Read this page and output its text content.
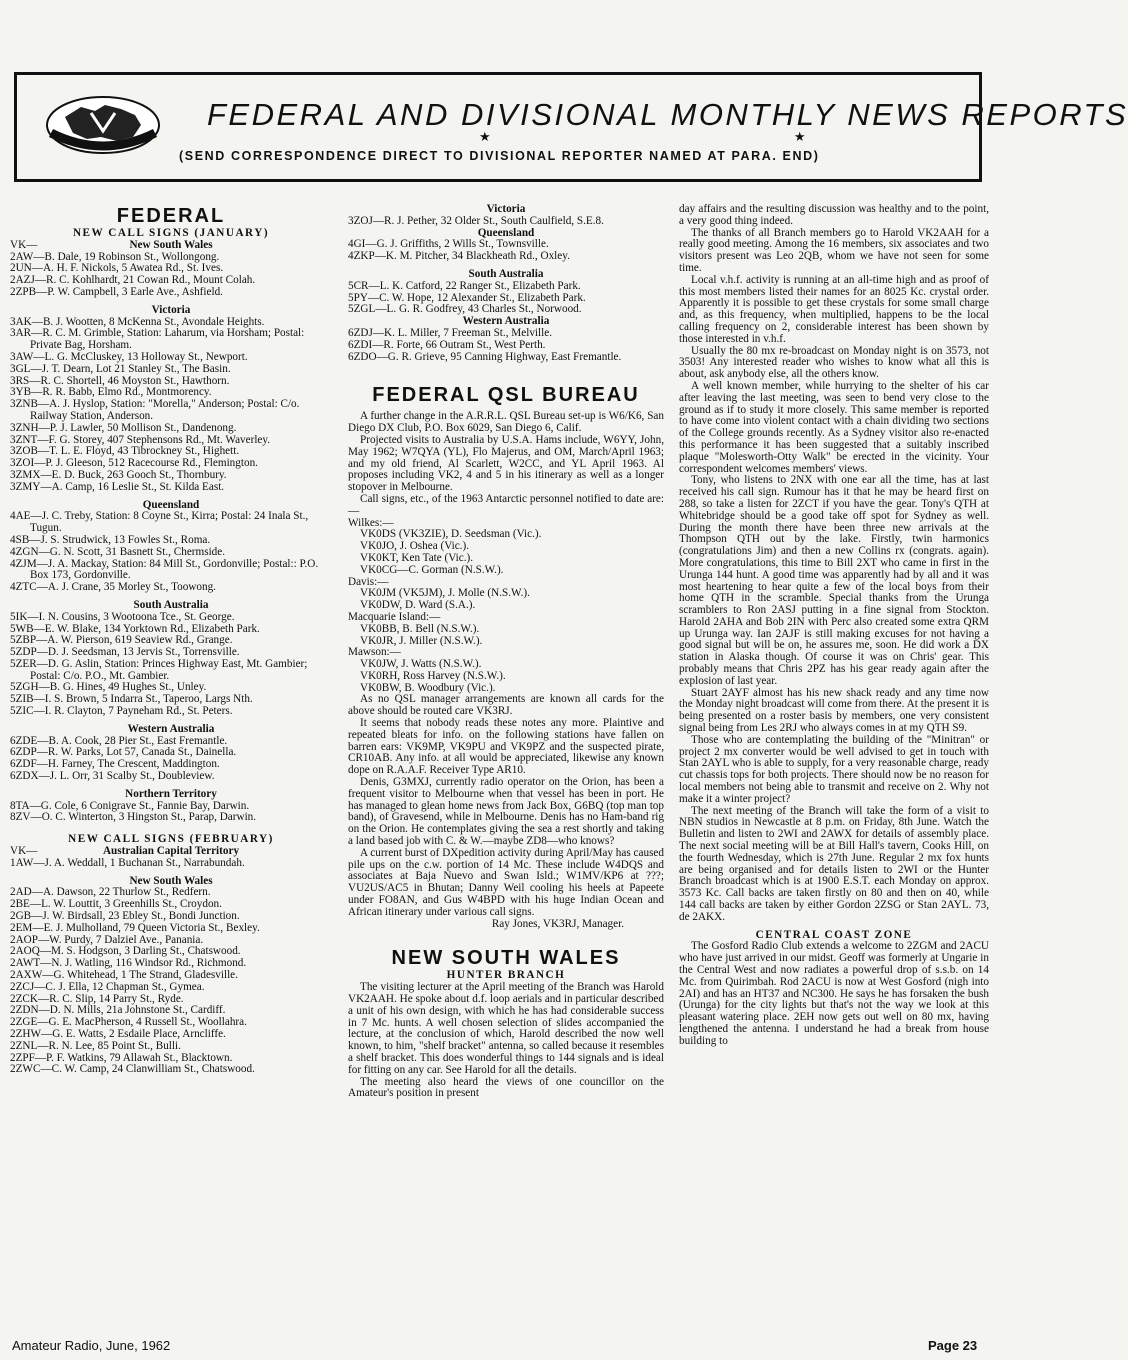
FEDERAL AND DIVISIONAL MONTHLY NEWS REPORTS
★ ★
(SEND CORRESPONDENCE DIRECT TO DIVISIONAL REPORTER NAMED AT PARA. END)
FEDERAL
NEW CALL SIGNS (JANUARY)
VK—	New South Wales
2AW—B. Dale, 19 Robinson St., Wollongong.
2UN—A. H. F. Nickols, 5 Awatea Rd., St. Ives.
2AZJ—R. C. Kohlhardt, 21 Cowan Rd., Mount Colah.
2ZPB—P. W. Campbell, 3 Earle Ave., Ashfield.
Victoria
3AK—B. J. Wootten, 8 McKenna St., Avondale Heights.
3AR—R. C. M. Grimble, Station: Laharum, via Horsham; Postal: Private Bag, Horsham.
3AW—L. G. McCluskey, 13 Holloway St., Newport.
3GL—J. T. Dearn, Lot 21 Stanley St., The Basin.
3RS—R. C. Shortell, 46 Moyston St., Hawthorn.
3YB—R. R. Babb, Elmo Rd., Montmorency.
3ZNB—A. J. Hyslop, Station: "Morella," Anderson; Postal: C/o. Railway Station, Anderson.
3ZNH—P. J. Lawler, 50 Mollison St., Dandenong.
3ZNT—F. G. Storey, 407 Stephensons Rd., Mt. Waverley.
3ZOB—T. L. E. Floyd, 43 Tibrockney St., Highett.
3ZOI—P. J. Gleeson, 512 Racecourse Rd., Flemington.
3ZMX—E. D. Buck, 263 Gooch St., Thornbury.
3ZMY—A. Camp, 16 Leslie St., St. Kilda East.
Queensland
4AE—J. C. Treby, Station: 8 Coyne St., Kirra; Postal: 24 Inala St., Tugun.
4SB—J. S. Strudwick, 13 Fowles St., Roma.
4ZGN—G. N. Scott, 31 Basnett St., Chermside.
4ZJM—J. A. Mackay, Station: 84 Mill St., Gordonville; Postal:: P.O. Box 173, Gordonville.
4ZTC—A. J. Crane, 35 Morley St., Toowong.
South Australia
5IK—I. N. Cousins, 3 Wootoona Tce., St. George.
5WB—E. W. Blake, 134 Yorktown Rd., Elizabeth Park.
5ZBP—A. W. Pierson, 619 Seaview Rd., Grange.
5ZDP—D. J. Seedsman, 13 Jervis St., Torrensville.
5ZER—D. G. Aslin, Station: Princes Highway East, Mt. Gambier; Postal: C/o. P.O., Mt. Gambier.
5ZGH—B. G. Hines, 49 Hughes St., Unley.
5ZIB—I. S. Brown, 5 Indarra St., Taperoo, Largs Nth.
5ZIC—I. R. Clayton, 7 Payneham Rd., St. Peters.
Western Australia
6ZDE—B. A. Cook, 28 Pier St., East Fremantle.
6ZDP—R. W. Parks, Lot 57, Canada St., Dainella.
6ZDF—H. Farney, The Crescent, Maddington.
6ZDX—J. L. Orr, 31 Scalby St., Doubleview.
Northern Territory
8TA—G. Cole, 6 Conigrave St., Fannie Bay, Darwin.
8ZV—O. C. Winterton, 3 Hingston St., Parap, Darwin.
NEW CALL SIGNS (FEBRUARY)
VK—	Australian Capital Territory
1AW—J. A. Weddall, 1 Buchanan St., Narrabundah.
New South Wales
2AD—A. Dawson, 22 Thurlow St., Redfern.
2BE—L. W. Louttit, 3 Greenhills St., Croydon.
2GB—J. W. Birdsall, 23 Ebley St., Bondi Junction.
2EM—E. J. Mulholland, 79 Queen Victoria St., Bexley.
2AOP—W. Purdy, 7 Dalziel Ave., Panania.
2AOQ—M. S. Hodgson, 3 Darling St., Chatswood.
2AWT—N. J. Watling, 116 Windsor Rd., Richmond.
2AXW—G. Whitehead, 1 The Strand, Gladesville.
2ZCJ—C. J. Ella, 12 Chapman St., Gymea.
2ZCK—R. C. Slip, 14 Parry St., Ryde.
2ZDN—D. N. Mills, 21a Johnstone St., Cardiff.
2ZGE—G. E. MacPherson, 4 Russell St., Woollahra.
2ZHW—G. E. Watts, 2 Esdaile Place, Arncliffe.
2ZNL—R. N. Lee, 85 Point St., Bulli.
2ZPF—P. F. Watkins, 79 Allawah St., Blacktown.
2ZWC—C. W. Camp, 24 Clanwilliam St., Chatswood.
Victoria
3ZOJ—R. J. Pether, 32 Older St., South Caulfield, S.E.8.
Queensland
4GI—G. J. Griffiths, 2 Wills St., Townsville.
4ZKP—K. M. Pitcher, 34 Blackheath Rd., Oxley.
South Australia
5CR—L. K. Catford, 22 Ranger St., Elizabeth Park.
5PY—C. W. Hope, 12 Alexander St., Elizabeth Park.
5ZGL—L. G. R. Godfrey, 43 Charles St., Norwood.
Western Australia
6ZDJ—K. L. Miller, 7 Freeman St., Melville.
6ZDI—R. Forte, 66 Outram St., West Perth.
6ZDO—G. R. Grieve, 95 Canning Highway, East Fremantle.
FEDERAL QSL BUREAU
A further change in the A.R.R.L. QSL Bureau set-up is W6/K6, San Diego DX Club, P.O. Box 6029, San Diego 6, Calif.
Projected visits to Australia by U.S.A. Hams include, W6YY, John, May 1962; W7QYA (YL), Flo Majerus, and OM, March/April 1963; and my old friend, Al Scarlett, W2CC, and YL April 1963. Al proposes including VK2, 4 and 5 in his itinerary as well as a longer stopover in Melbourne.
Call signs, etc., of the 1963 Antarctic personnel notified to date are:—
Wilkes:—
VK0DS (VK3ZIE), D. Seedsman (Vic.).
VK0JO, J. Oshea (Vic.).
VK0KT, Ken Tate (Vic.).
VK0CG—C. Gorman (N.S.W.).
Davis:—
VK0JM (VK5JM), J. Molle (N.S.W.).
VK0DW, D. Ward (S.A.).
Macquarie Island:—
VK0BB, B. Bell (N.S.W.).
VK0JR, J. Miller (N.S.W.).
Mawson:—
VK0JW, J. Watts (N.S.W.).
VK0RH, Ross Harvey (N.S.W.).
VK0BW, B. Woodbury (Vic.).
As no QSL manager arrangements are known all cards for the above should be routed care VK3RJ.
It seems that nobody reads these notes any more. Plaintive and repeated bleats for info. on the following stations have fallen on barren ears: VK9MP, VK9PU and VK9PZ and the suspected pirate, CR10AB. Any info. at all would be appreciated, likewise any known dope on R.A.A.F. Receiver Type AR10.
Denis, G3MXJ, currently radio operator on the Orion, has been a frequent visitor to Melbourne when that vessel has been in port. He has managed to glean home news from Jack Box, G6BQ (top man top band), of Gravesend, while in Melbourne. Denis has no Ham-band rig on the Orion. He contemplates giving the sea a rest shortly and taking a land based job with C. & W.—maybe ZD8—who knows?
A current burst of DXpedition activity during April/May has caused pile ups on the c.w. portion of 14 Mc. These include W4DQS and associates at Baja Nuevo and Swan Isld.; W1MV/KP6 at ???; VU2US/AC5 in Bhutan; Danny Weil cooling his heels at Papeete under FO8AN, and Gus W4BPD with his huge Indian Ocean and African itinerary under various call signs.
Ray Jones, VK3RJ, Manager.
NEW SOUTH WALES
HUNTER BRANCH
The visiting lecturer at the April meeting of the Branch was Harold VK2AAH. He spoke about d.f. loop aerials and in particular described a unit of his own design, with which he has had considerable success in 7 Mc. hunts. A well chosen selection of slides accompanied the lecture, at the conclusion of which, Harold described the now well known, to him, "shelf bracket" antenna, so called because it resembles a shelf bracket. This does wonderful things to 144 signals and is ideal for fitting on any car. See Harold for all the details.
The meeting also heard the views of one councillor on the Amateur's position in present
day affairs and the resulting discussion was healthy and to the point, a very good thing indeed.
The thanks of all Branch members go to Harold VK2AAH for a really good meeting. Among the 16 members, six associates and two visitors present was Leo 2QB, whom we have not seen for some time.
Local v.h.f. activity is running at an all-time high and as proof of this most members listed their names for an 8025 Kc. crystal order. Apparently it is possible to get these crystals for some small charge and, as this frequency, when multiplied, happens to be the local calling frequency on 2, considerable interest has been shown by those interested in v.h.f.
Usually the 80 mx re-broadcast on Monday night is on 3573, not 3503! Any interested reader who wishes to know what all this is about, ask anybody else, all the others know.
A well known member, while hurrying to the shelter of his car after leaving the last meeting, was seen to bend very close to the ground as if to study it more closely. This same member is reported to have come into violent contact with a chain dividing two sections of the College grounds recently. As a Sydney visitor also re-enacted this performance it has been suggested that a suitably inscribed plaque "Molesworth-Otty Walk" be erected in the vicinity. Your correspondent welcomes members' views.
Tony, who listens to 2NX with one ear all the time, has at last received his call sign. Rumour has it that he may be heard first on 288, so take a listen for 2ZCT if you have the gear. Tony's QTH at Whitebridge should be a good take off spot for Sydney as well. During the month there have been three new arrivals at the Thompson QTH out by the lake. Firstly, twin harmonics (congratulations Jim) and then a new Collins rx (congrats. again). More congratulations, this time to Bill 2XT who came in first in the Urunga 144 hunt. A good time was apparently had by all and it was most heartening to hear quite a few of the local boys from their home QTH in the scramble. Special thanks from the Urunga scramblers to Ron 2ASJ putting in a fine signal from Stockton. Harold 2AHA and Bob 2IN with Perc also created some extra QRM up Urunga way. Ian 2AJF is still making excuses for not having a good signal but will be on, he assures me, soon. He did work a DX station in Alaska though. Of course it was on Chris' gear. This probably means that Chris 2PZ has his gear ready again after the explosion of last year.
Stuart 2AYF almost has his new shack ready and any time now the Monday night broadcast will come from there. At the present it is being presented on a roster basis by members, one very consistent signal being from Les 2RJ who always comes in at my QTH S9.
Those who are contemplating the building of the "Minitran" or project 2 mx converter would be well advised to get in touch with Stan 2AYL who is able to supply, for a very reasonable charge, ready cut chassis tops for both projects. There should now be no reason for local members not being able to transmit and receive on 2. Why not make it a winter project?
The next meeting of the Branch will take the form of a visit to NBN studios in Newcastle at 8 p.m. on Friday, 8th June. Watch the Bulletin and listen to 2WI and 2AWX for details of assembly place. The next social meeting will be at Bill Hall's tavern, Cooks Hill, on the fourth Wednesday, which is 27th June. Regular 2 mx fox hunts are being organised and for details listen to 2WI or the Hunter Branch broadcast which is at 1900 E.S.T. each Monday on approx. 3573 Kc. Call backs are taken firstly on 80 and then on 40, while 144 call backs are taken by either Gordon 2ZSG or Stan 2AYL. 73, de 2AKX.
CENTRAL COAST ZONE
The Gosford Radio Club extends a welcome to 2ZGM and 2ACU who have just arrived in our midst. Geoff was formerly at Ungarie in the Central West and now radiates a powerful drop of s.s.b. on 14 Mc. from Quirimbah. Rod 2ACU is now at West Gosford (nigh into 2AI) and has an HT37 and NC300. He says he has forsaken the bush (Urunga) for the city lights but that's not the way we look at this pleasant watering place. 2EH now gets out well on 80 mx, having lengthened the antenna. I understand he had a break from house building to
Amateur Radio, June, 1962	Page 23
